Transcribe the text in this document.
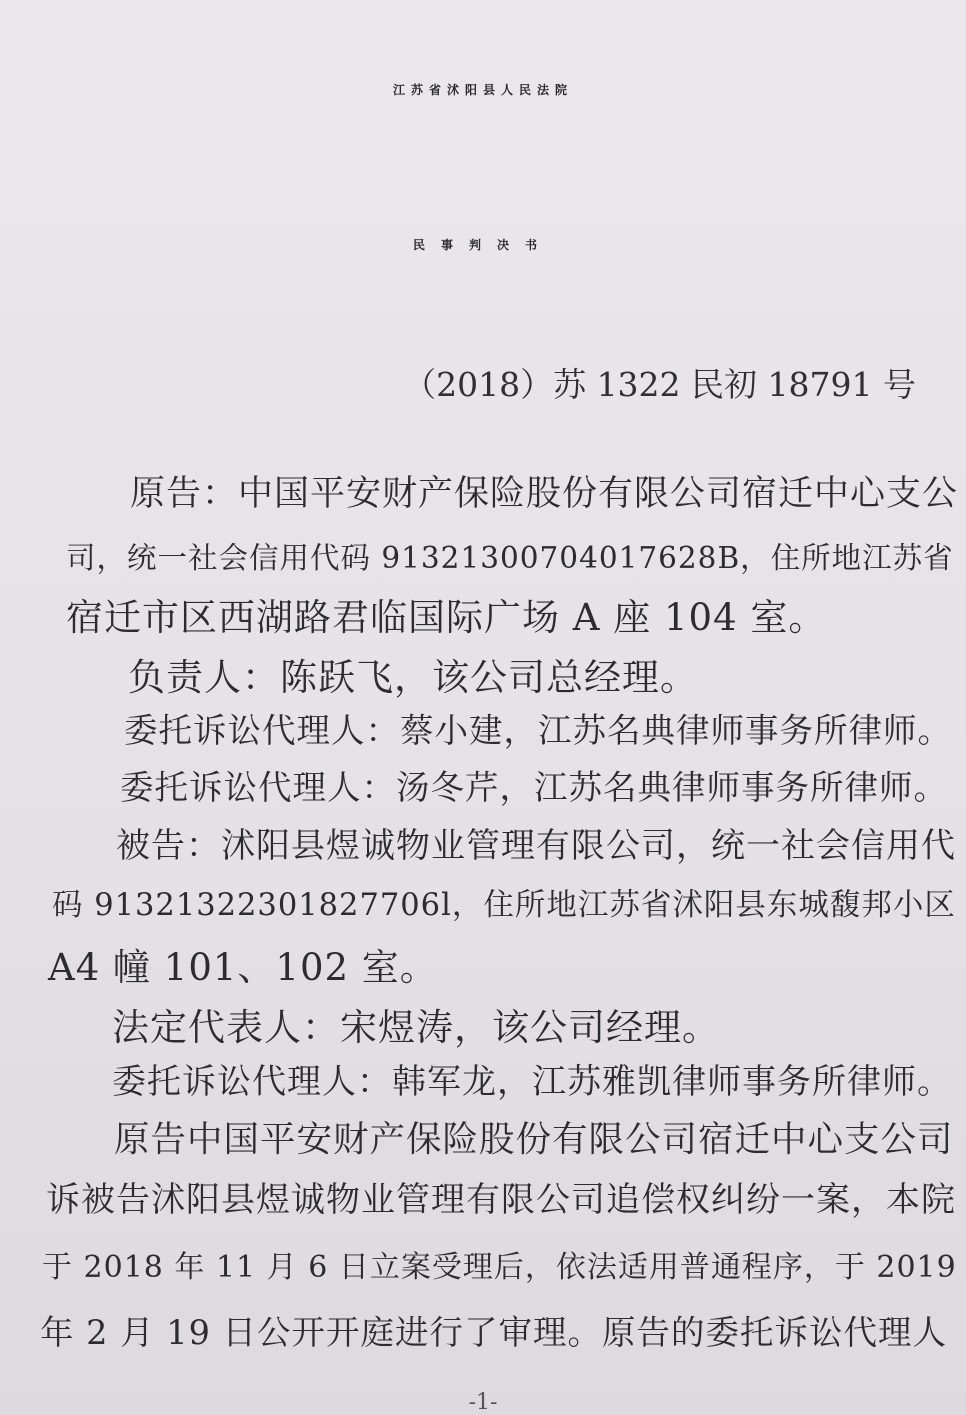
江苏省沭阳县人民法院
民事判决书
（2018）苏 1322 民初 18791 号
原告：中国平安财产保险股份有限公司宿迁中心支公
司，统一社会信用代码 91321300704017628B，住所地江苏省
宿迁市区西湖路君临国际广场 A 座 104 室。
负责人：陈跃飞，该公司总经理。
委托诉讼代理人：蔡小建，江苏名典律师事务所律师。
委托诉讼代理人：汤冬芹，江苏名典律师事务所律师。
被告：沭阳县煜诚物业管理有限公司，统一社会信用代
码 91321322301827706l，住所地江苏省沭阳县东城馥邦小区
A4 幢 101、102 室。
法定代表人：宋煜涛，该公司经理。
委托诉讼代理人：韩军龙，江苏雅凯律师事务所律师。
原告中国平安财产保险股份有限公司宿迁中心支公司
诉被告沭阳县煜诚物业管理有限公司追偿权纠纷一案，本院
于 2018 年 11 月 6 日立案受理后，依法适用普通程序，于 2019
年 2 月 19 日公开开庭进行了审理。原告的委托诉讼代理人
-1-
